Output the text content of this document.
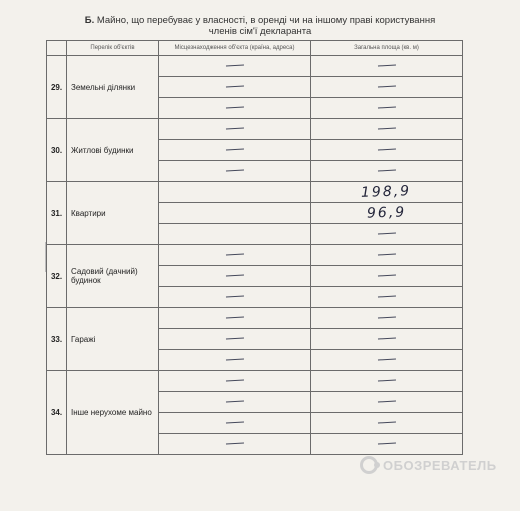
Б. Майно, що перебуває у власності, в оренді чи на іншому праві користування
членів сім'ї декларанта
	Перелік об'єктів	Місцезнаходження об'єкта (країна, адреса)	Загальна площа (кв. м)
29.	Земельні ділянки		

30.	Житлові будинки		

31.	Квартири		198,9
			96,9

32.	Садовий (дачний) будинок		

33.	Гаражі		

34.	Інше нерухоме майно		

ОБОЗРЕВАТЕЛЬ
